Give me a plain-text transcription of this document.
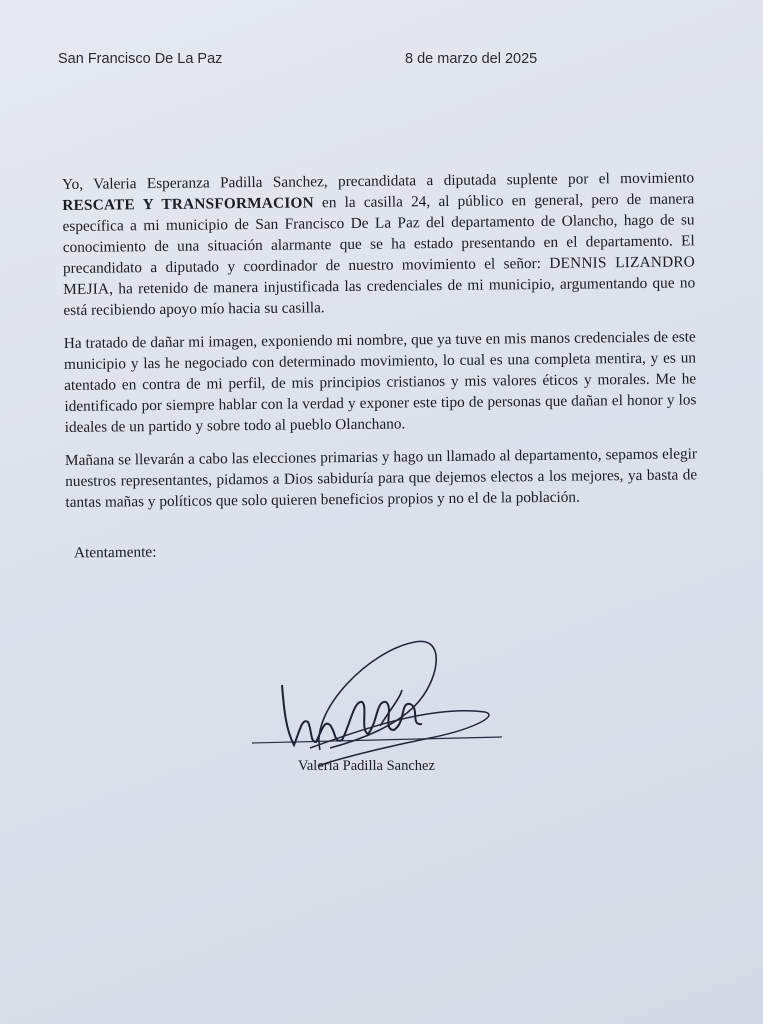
San Francisco De La Paz	8 de marzo del 2025

Yo, Valeria Esperanza Padilla Sanchez, precandidata a diputada suplente por el movimiento RESCATE Y TRANSFORMACION en la casilla 24, al público en general, pero de manera específica a mi municipio de San Francisco De La Paz del departamento de Olancho, hago de su conocimiento de una situación alarmante que se ha estado presentando en el departamento. El precandidato a diputado y coordinador de nuestro movimiento el señor: DENNIS LIZANDRO MEJIA, ha retenido de manera injustificada las credenciales de mi municipio, argumentando que no está recibiendo apoyo mío hacia su casilla.

Ha tratado de dañar mi imagen, exponiendo mi nombre, que ya tuve en mis manos credenciales de este municipio y las he negociado con determinado movimiento, lo cual es una completa mentira, y es un atentado en contra de mi perfil, de mis principios cristianos y mis valores éticos y morales. Me he identificado por siempre hablar con la verdad y exponer este tipo de personas que dañan el honor y los ideales de un partido y sobre todo al pueblo Olanchano.

Mañana se llevarán a cabo las elecciones primarias y hago un llamado al departamento, sepamos elegir nuestros representantes, pidamos a Dios sabiduría para que dejemos electos a los mejores, ya basta de tantas mañas y políticos que solo quieren beneficios propios y no el de la población.

Atentamente:
Valeria Padilla Sanchez
